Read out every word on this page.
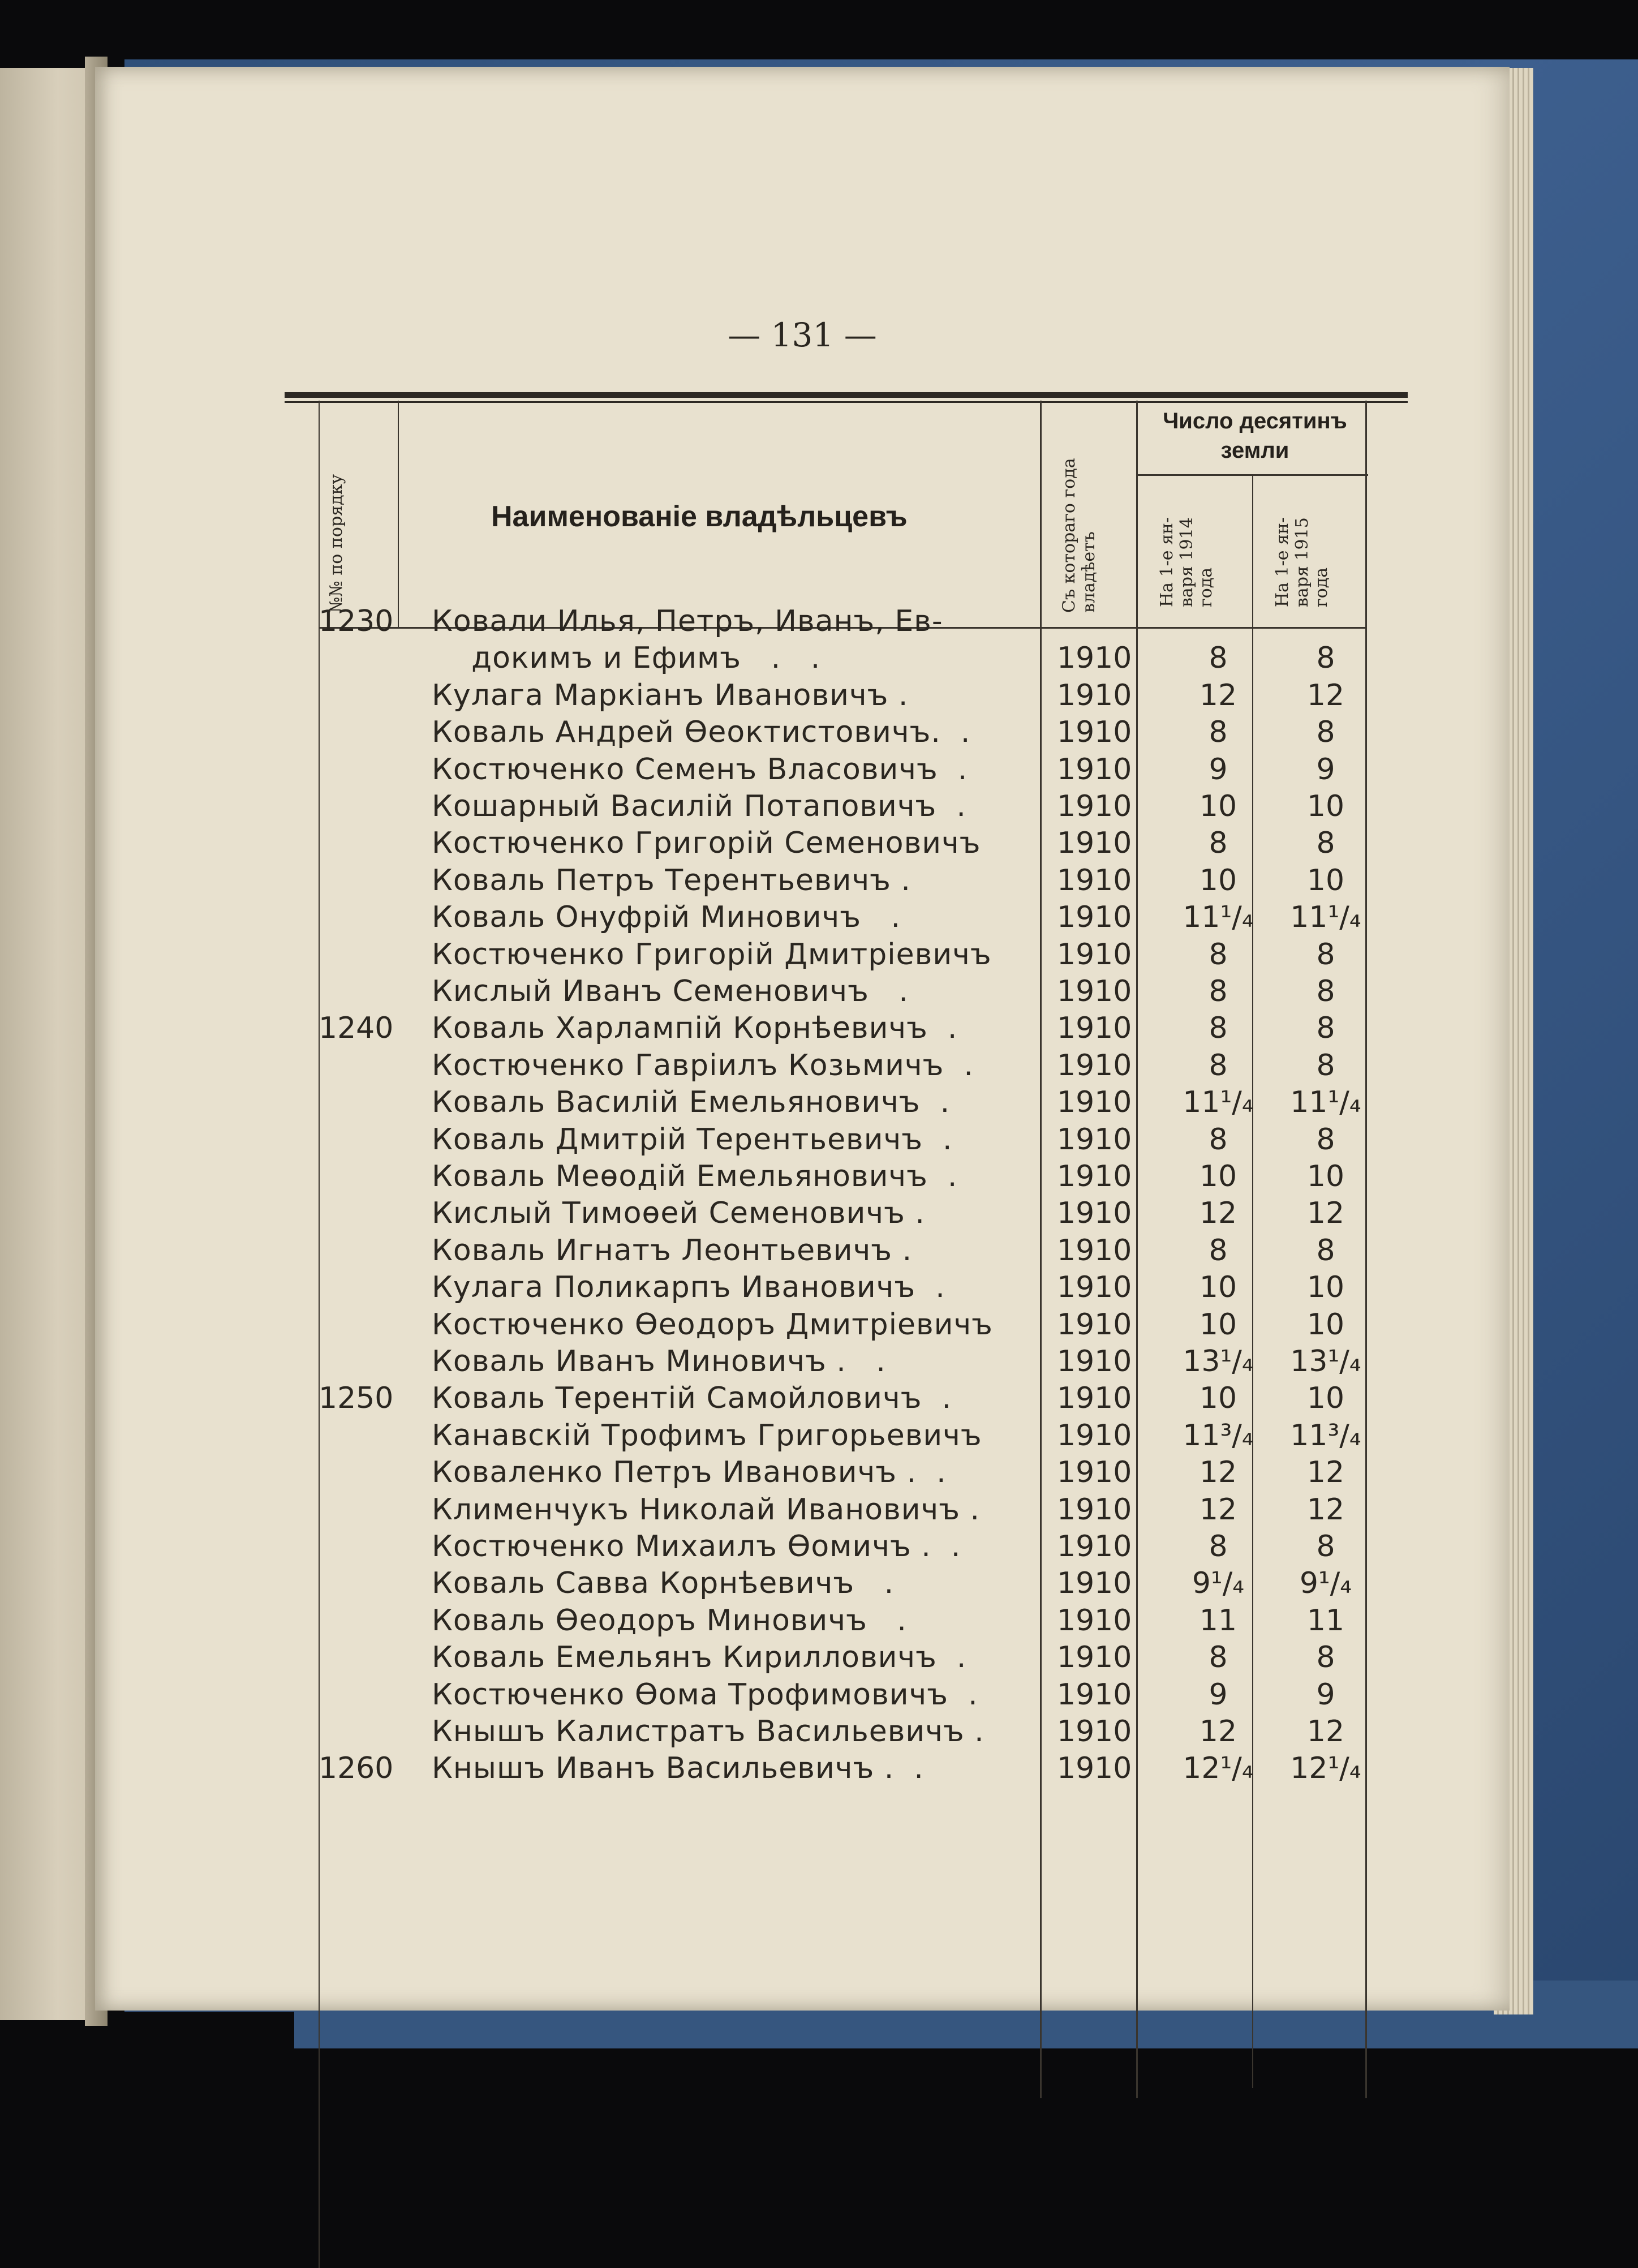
— 131 —
№№ по порядку	Наименованіе владѣльцевъ
Съ котораго года
владѣетъ
Число десятинъ земли
На 1-е ян-
варя 1914
года	На 1-е ян-
варя 1915
года
1230 Ковали Илья, Петръ, Иванъ, Ев-
докимъ и Ефимъ   .   .	1910	8	8
Кулага Маркіанъ Ивановичъ .	1910	12	12
Коваль Андрей Өеоктистовичъ.  .	1910	8	8
Костюченко Семенъ Власовичъ  .	1910	9	9
Кошарный Василій Потаповичъ  .	1910	10	10
Костюченко Григорій Семеновичъ	1910	8	8
Коваль Петръ Терентьевичъ .	1910	10	10
Коваль Онуфрій Миновичъ   .	1910	11¹/₄	11¹/₄
Костюченко Григорій Дмитріевичъ 1910	8	8
Кислый Иванъ Семеновичъ   .	1910	8	8
1240 Коваль Харлампій Корнѣевичъ  .	1910	8	8
Костюченко Гавріилъ Козьмичъ  .	1910	8	8
Коваль Василій Емельяновичъ  .	1910	11¹/₄	11¹/₄
Коваль Дмитрій Терентьевичъ  .	1910	8	8
Коваль Меөодій Емельяновичъ  .	1910	10	10
Кислый Тимоөей Семеновичъ .	1910	12	12
Коваль Игнатъ Леонтьевичъ .	1910	8	8
Кулага Поликарпъ Ивановичъ  .	1910	10	10
Костюченко Өеодоръ Дмитріевичъ 1910	10	10
Коваль Иванъ Миновичъ .   .	1910	13¹/₄	13¹/₄
1250 Коваль Терентій Самойловичъ  .	1910	10	10
Канавскій Трофимъ Григорьевичъ	1910	11³/₄	11³/₄
Коваленко Петръ Ивановичъ .  .	1910	12	12
Клименчукъ Николай Ивановичъ .	1910	12	12
Костюченко Михаилъ Өомичъ .  .	1910	8	8
Коваль Савва Корнѣевичъ   .	1910	9¹/₄	9¹/₄
Коваль Өеодоръ Миновичъ   .	1910	11	11
Коваль Емельянъ Кирилловичъ  .	1910	8	8
Костюченко Өома Трофимовичъ  .	1910	9	9
Кнышъ Калистратъ Васильевичъ . 1910	12	12
1260 Кнышъ Иванъ Васильевичъ .  .	1910	12¹/₄	12¹/₄
